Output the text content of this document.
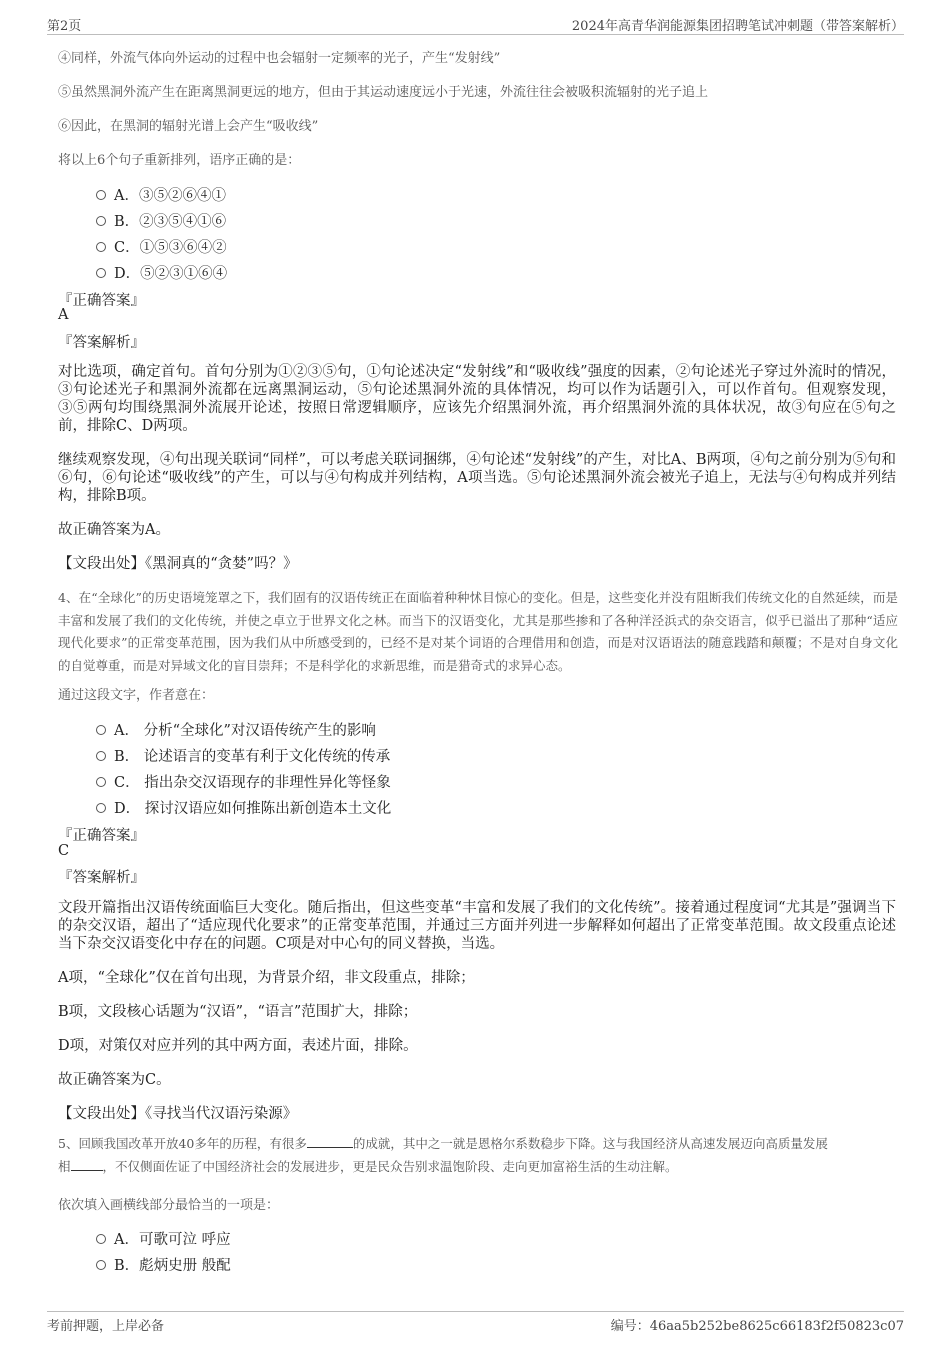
第2页	2024年高青华润能源集团招聘笔试冲刺题（带答案解析）
④同样，外流气体向外运动的过程中也会辐射一定频率的光子，产生“发射线”
⑤虽然黑洞外流产生在距离黑洞更远的地方，但由于其运动速度远小于光速，外流往往会被吸积流辐射的光子追上
⑥因此，在黑洞的辐射光谱上会产生“吸收线”
将以上6个句子重新排列，语序正确的是：
A．③⑤②⑥④①
B．②③⑤④①⑥
C．①⑤③⑥④②
D．⑤②③①⑥④
『正确答案』
A
『答案解析』
对比选项，确定首句。首句分别为①②③⑤句，①句论述决定“发射线”和“吸收线”强度的因素，②句论述光子穿过外流时的情况，③句论述光子和黑洞外流都在远离黑洞运动，⑤句论述黑洞外流的具体情况，均可以作为话题引入，可以作首句。但观察发现，③⑤两句均围绕黑洞外流展开论述，按照日常逻辑顺序，应该先介绍黑洞外流，再介绍黑洞外流的具体状况，故③句应在⑤句之前，排除C、D两项。
继续观察发现，④句出现关联词“同样”，可以考虑关联词捆绑，④句论述“发射线”的产生，对比A、B两项，④句之前分别为⑤句和⑥句，⑥句论述“吸收线”的产生，可以与④句构成并列结构，A项当选。⑤句论述黑洞外流会被光子追上，无法与④句构成并列结构，排除B项。
故正确答案为A。
【文段出处】《黑洞真的“贪婪”吗？》
4、在“全球化”的历史语境笼罩之下，我们固有的汉语传统正在面临着种种怵目惊心的变化。但是，这些变化并没有阻断我们传统文化的自然延续，而是丰富和发展了我们的文化传统，并使之卓立于世界文化之林。而当下的汉语变化，尤其是那些掺和了各种洋泾浜式的杂交语言，似乎已溢出了那种“适应现代化要求”的正常变革范围，因为我们从中所感受到的，已经不是对某个词语的合理借用和创造，而是对汉语语法的随意践踏和颠覆；不是对自身文化的自觉尊重，而是对异域文化的盲目崇拜；不是科学化的求新思维，而是猎奇式的求异心态。
通过这段文字，作者意在：
A． 分析“全球化”对汉语传统产生的影响
B． 论述语言的变革有利于文化传统的传承
C． 指出杂交汉语现存的非理性异化等怪象
D． 探讨汉语应如何推陈出新创造本土文化
『正确答案』
C
『答案解析』
文段开篇指出汉语传统面临巨大变化。随后指出，但这些变革“丰富和发展了我们的文化传统”。接着通过程度词“尤其是”强调当下的杂交汉语，超出了“适应现代化要求”的正常变革范围，并通过三方面并列进一步解释如何超出了正常变革范围。故文段重点论述当下杂交汉语变化中存在的问题。C项是对中心句的同义替换，当选。
A项，“全球化”仅在首句出现，为背景介绍，非文段重点，排除；
B项，文段核心话题为“汉语”，“语言”范围扩大，排除；
D项，对策仅对应并列的其中两方面，表述片面，排除。
故正确答案为C。
【文段出处】《寻找当代汉语污染源》
5、回顾我国改革开放40多年的历程，有很多	的成就，其中之一就是恩格尔系数稳步下降。这与我国经济从高速发展迈向高质量发展
相	，不仅侧面佐证了中国经济社会的发展进步，更是民众告别求温饱阶段、走向更加富裕生活的生动注解。
依次填入画横线部分最恰当的一项是：
A．可歌可泣 呼应
B．彪炳史册 般配
考前押题，上岸必备	编号：46aa5b252be8625c66183f2f50823c07
